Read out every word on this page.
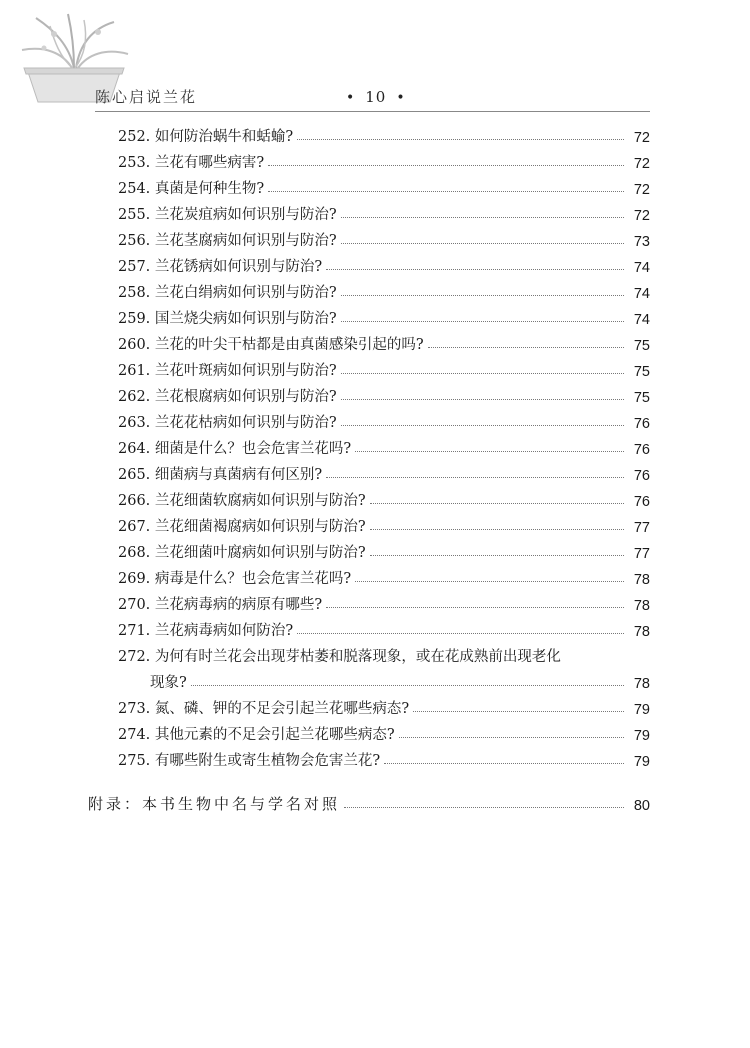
陈心启说兰花	• 10 •
252. 如何防治蜗牛和蛞蝓?	72
253. 兰花有哪些病害?	72
254. 真菌是何种生物?	72
255. 兰花炭疽病如何识别与防治?	72
256. 兰花茎腐病如何识别与防治?	73
257. 兰花锈病如何识别与防治?	74
258. 兰花白绢病如何识别与防治?	74
259. 国兰烧尖病如何识别与防治?	74
260. 兰花的叶尖干枯都是由真菌感染引起的吗?	75
261. 兰花叶斑病如何识别与防治?	75
262. 兰花根腐病如何识别与防治?	75
263. 兰花花枯病如何识别与防治?	76
264. 细菌是什么？也会危害兰花吗?	76
265. 细菌病与真菌病有何区别?	76
266. 兰花细菌软腐病如何识别与防治?	76
267. 兰花细菌褐腐病如何识别与防治?	77
268. 兰花细菌叶腐病如何识别与防治?	77
269. 病毒是什么？也会危害兰花吗?	78
270. 兰花病毒病的病原有哪些?	78
271. 兰花病毒病如何防治?	78
272. 为何有时兰花会出现芽枯萎和脱落现象，或在花成熟前出现老化
现象?	78
273. 氮、磷、钾的不足会引起兰花哪些病态?	79
274. 其他元素的不足会引起兰花哪些病态?	79
275. 有哪些附生或寄生植物会危害兰花?	79
附录：本书生物中名与学名对照	80
